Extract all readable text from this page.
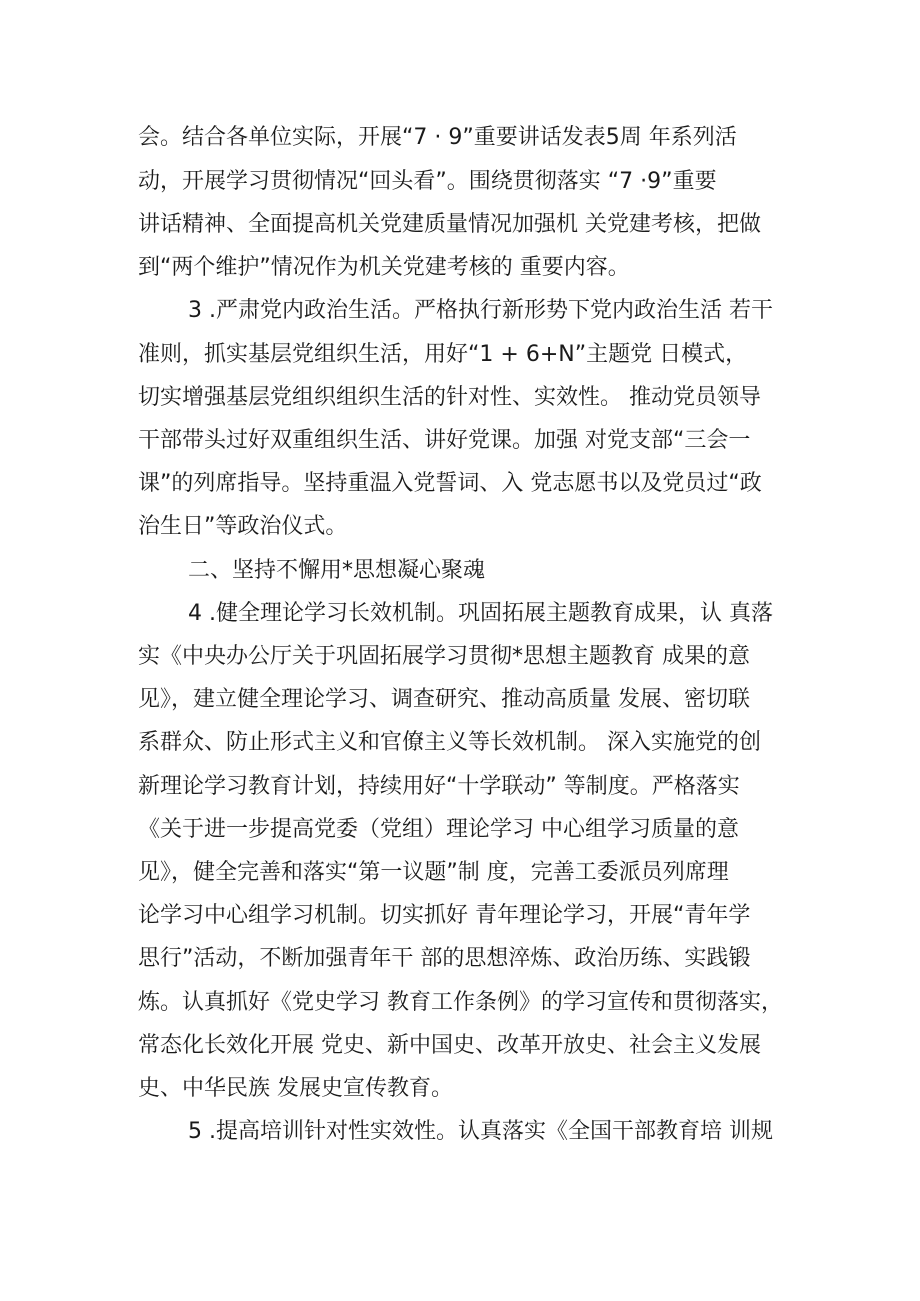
会。结合各单位实际，开展“7 · 9”重要讲话发表5周 年系列活
动，开展学习贯彻情况“回头看”。围绕贯彻落实 “7 ·9”重要
讲话精神、全面提高机关党建质量情况加强机 关党建考核，把做
到“两个维护”情况作为机关党建考核的 重要内容。
3 .严肃党内政治生活。严格执行新形势下党内政治生活 若干
准则，抓实基层党组织生活，用好“1 + 6+N”主题党 日模式，
切实增强基层党组织组织生活的针对性、实效性。 推动党员领导
干部带头过好双重组织生活、讲好党课。加强 对党支部“三会一
课”的列席指导。坚持重温入党誓词、入 党志愿书以及党员过“政
治生日”等政治仪式。
二、坚持不懈用*思想凝心聚魂
4 .健全理论学习长效机制。巩固拓展主题教育成果，认 真落
实《中央办公厅关于巩固拓展学习贯彻*思想主题教育 成果的意
见》，建立健全理论学习、调查研究、推动高质量 发展、密切联
系群众、防止形式主义和官僚主义等长效机制。 深入实施党的创
新理论学习教育计划，持续用好“十学联动” 等制度。严格落实
《关于进一步提高党委（党组）理论学习 中心组学习质量的意
见》，健全完善和落实“第一议题”制 度，完善工委派员列席理
论学习中心组学习机制。切实抓好 青年理论学习，开展“青年学
思行”活动，不断加强青年干 部的思想淬炼、政治历练、实践锻
炼。认真抓好《党史学习 教育工作条例》的学习宣传和贯彻落实，
常态化长效化开展 党史、新中国史、改革开放史、社会主义发展
史、中华民族 发展史宣传教育。
5 .提高培训针对性实效性。认真落实《全国干部教育培 训规
